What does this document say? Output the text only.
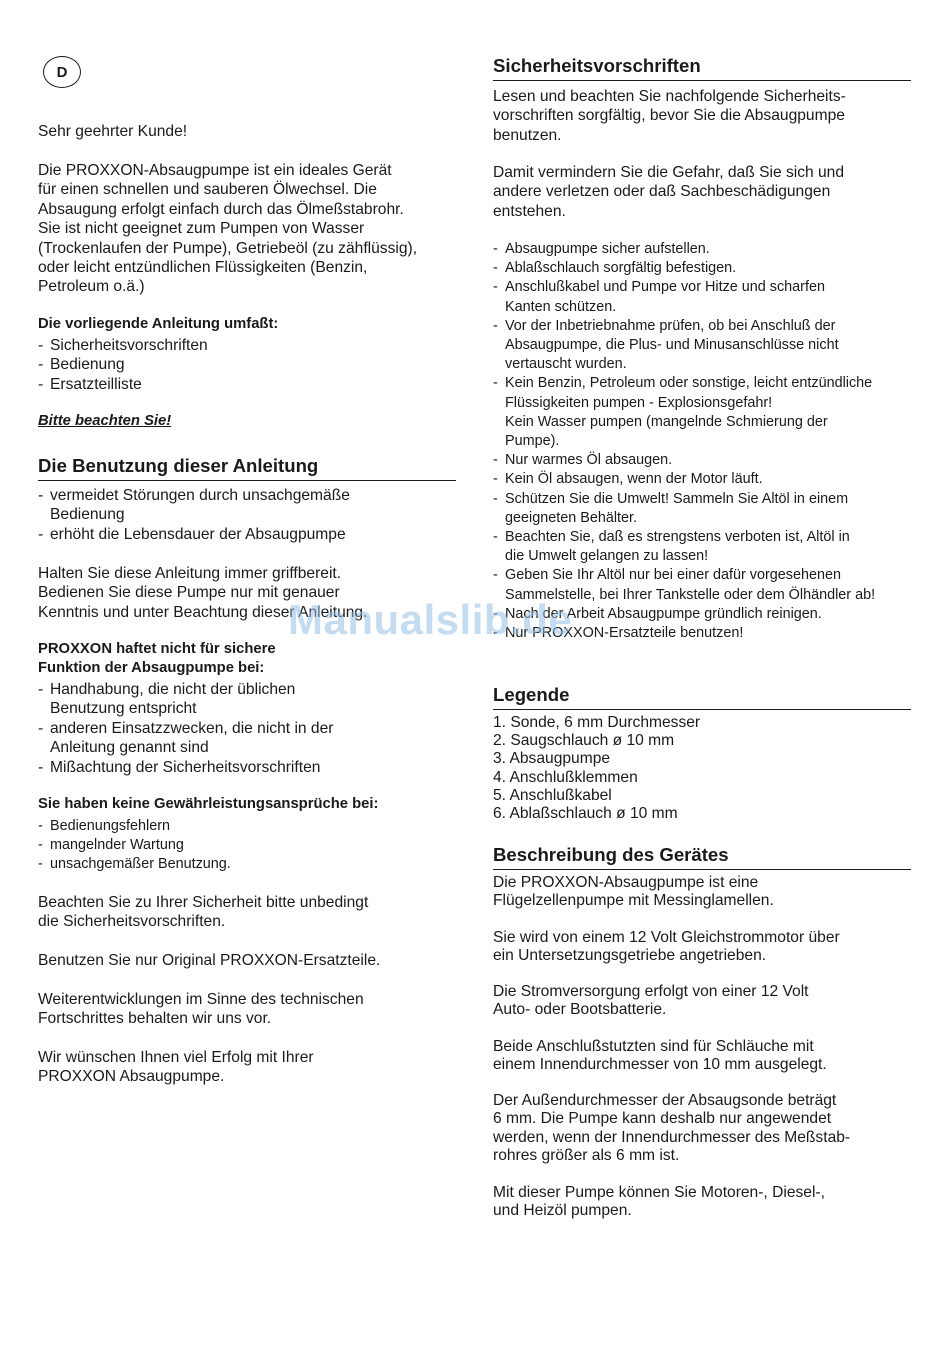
D

Sehr geehrter Kunde!

Die PROXXON-Absaugpumpe ist ein ideales Gerät
für einen schnellen und sauberen Ölwechsel. Die
Absaugung erfolgt einfach durch das Ölmeßstabrohr.
Sie ist nicht geeignet zum Pumpen von Wasser
(Trockenlaufen der Pumpe), Getriebeöl (zu zähflüssig),
oder leicht entzündlichen Flüssigkeiten (Benzin,
Petroleum o.ä.)

Die vorliegende Anleitung umfaßt:

- Sicherheitsvorschriften
- Bedienung
- Ersatzteilliste

Bitte beachten Sie!

Die Benutzung dieser Anleitung
- vermeidet Störungen durch unsachgemäße
Bedienung
- erhöht die Lebensdauer der Absaugpumpe

Halten Sie diese Anleitung immer griffbereit.
Bedienen Sie diese Pumpe nur mit genauer
Kenntnis und unter Beachtung dieser Anleitung.

PROXXON haftet nicht für sichere
Funktion der Absaugpumpe bei:

- Handhabung, die nicht der üblichen
Benutzung entspricht
- anderen Einsatzzwecken, die nicht in der
Anleitung genannt sind
- Mißachtung der Sicherheitsvorschriften

Sie haben keine Gewährleistungsansprüche bei:

- Bedienungsfehlern
- mangelnder Wartung
- unsachgemäßer Benutzung.

Beachten Sie zu Ihrer Sicherheit bitte unbedingt
die Sicherheitsvorschriften.

Benutzen Sie nur Original PROXXON-Ersatzteile.

Weiterentwicklungen im Sinne des technischen
Fortschrittes behalten wir uns vor.

Wir wünschen Ihnen viel Erfolg mit Ihrer
PROXXON Absaugpumpe.

Sicherheitsvorschriften

Lesen und beachten Sie nachfolgende Sicherheits-
vorschriften sorgfältig, bevor Sie die Absaugpumpe
benutzen.

Damit vermindern Sie die Gefahr, daß Sie sich und
andere verletzen oder daß Sachbeschädigungen
entstehen.

- Absaugpumpe sicher aufstellen.
- Ablaßschlauch sorgfältig befestigen.
- Anschlußkabel und Pumpe vor Hitze und scharfen
Kanten schützen.
- Vor der Inbetriebnahme prüfen, ob bei Anschluß der
Absaugpumpe, die Plus- und Minusanschlüsse nicht
vertauscht wurden.
- Kein Benzin, Petroleum oder sonstige, leicht entzündliche
Flüssigkeiten pumpen - Explosionsgefahr!
Kein Wasser pumpen (mangelnde Schmierung der
Pumpe).
- Nur warmes Öl absaugen.
- Kein Öl absaugen, wenn der Motor läuft.
- Schützen Sie die Umwelt! Sammeln Sie Altöl in einem
geeigneten Behälter.
- Beachten Sie, daß es strengstens verboten ist, Altöl in
die Umwelt gelangen zu lassen!
- Geben Sie Ihr Altöl nur bei einer dafür vorgesehenen
Sammelstelle, bei Ihrer Tankstelle oder dem Ölhändler ab!
- Nach der Arbeit Absaugpumpe gründlich reinigen.
- Nur PROXXON-Ersatzteile benutzen!
Legende
1. Sonde, 6 mm Durchmesser
2. Saugschlauch ø 10 mm
3. Absaugpumpe
4. Anschlußklemmen
5. Anschlußkabel
6. Ablaßschlauch ø 10 mm
Beschreibung des Gerätes

Die PROXXON-Absaugpumpe ist eine
Flügelzellenpumpe mit Messinglamellen.

Sie wird von einem 12 Volt Gleichstrommotor über
ein Untersetzungsgetriebe angetrieben.

Die Stromversorgung erfolgt von einer 12 Volt
Auto- oder Bootsbatterie.

Beide Anschlußstutzten sind für Schläuche mit
einem Innendurchmesser von 10 mm ausgelegt.

Der Außendurchmesser der Absaugsonde beträgt
6 mm. Die Pumpe kann deshalb nur angewendet
werden, wenn der Innendurchmesser des Meßstab-
rohres größer als 6 mm ist.

Mit dieser Pumpe können Sie Motoren-, Diesel-,
und Heizöl pumpen.

Manualslib.de
